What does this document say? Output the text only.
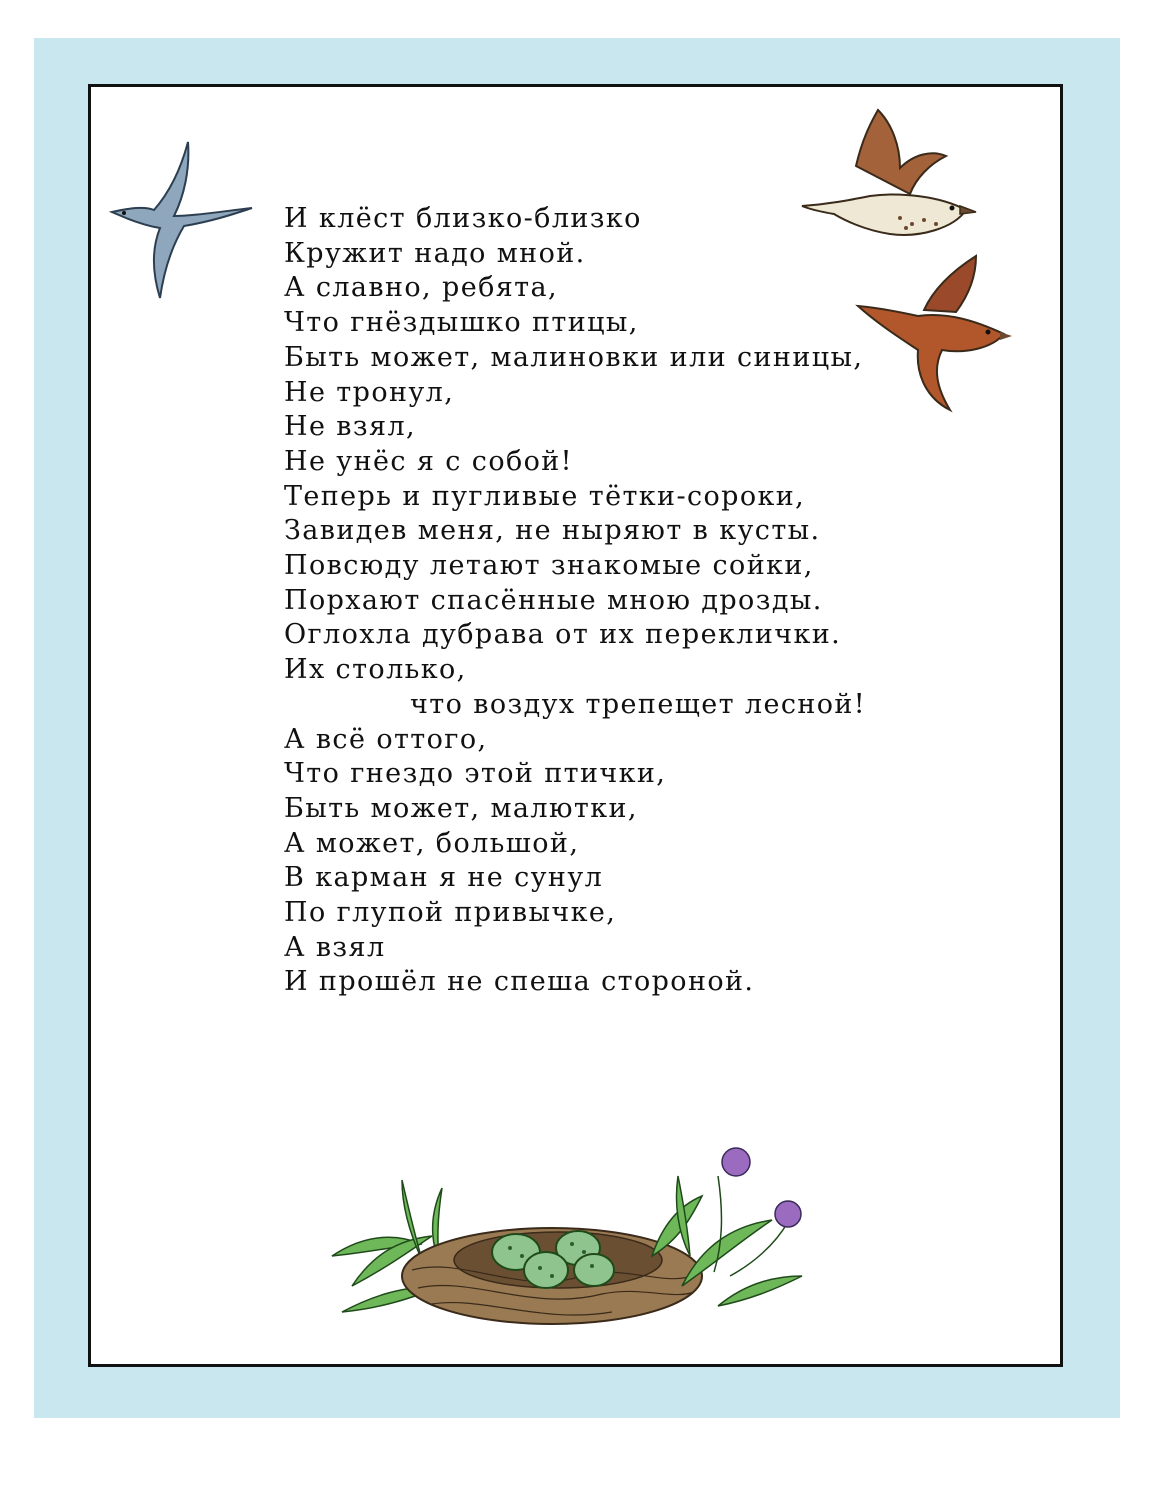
И клёст близко-близко
Кружит надо мной.
А славно, ребята,
Что гнёздышко птицы,
Быть может, малиновки или синицы,
Не тронул,
Не взял,
Не унёс я с собой!
Теперь и пугливые тётки-сороки,
Завидев меня, не ныряют в кусты.
Повсюду летают знакомые сойки,
Порхают спасённые мною дрозды.
Оглохла дубрава от их переклички.
Их столько,
что воздух трепещет лесной!
А всё оттого,
Что гнездо этой птички,
Быть может, малютки,
А может, большой,
В карман я не сунул
По глупой привычке,
А взял
И прошёл не спеша стороной.
